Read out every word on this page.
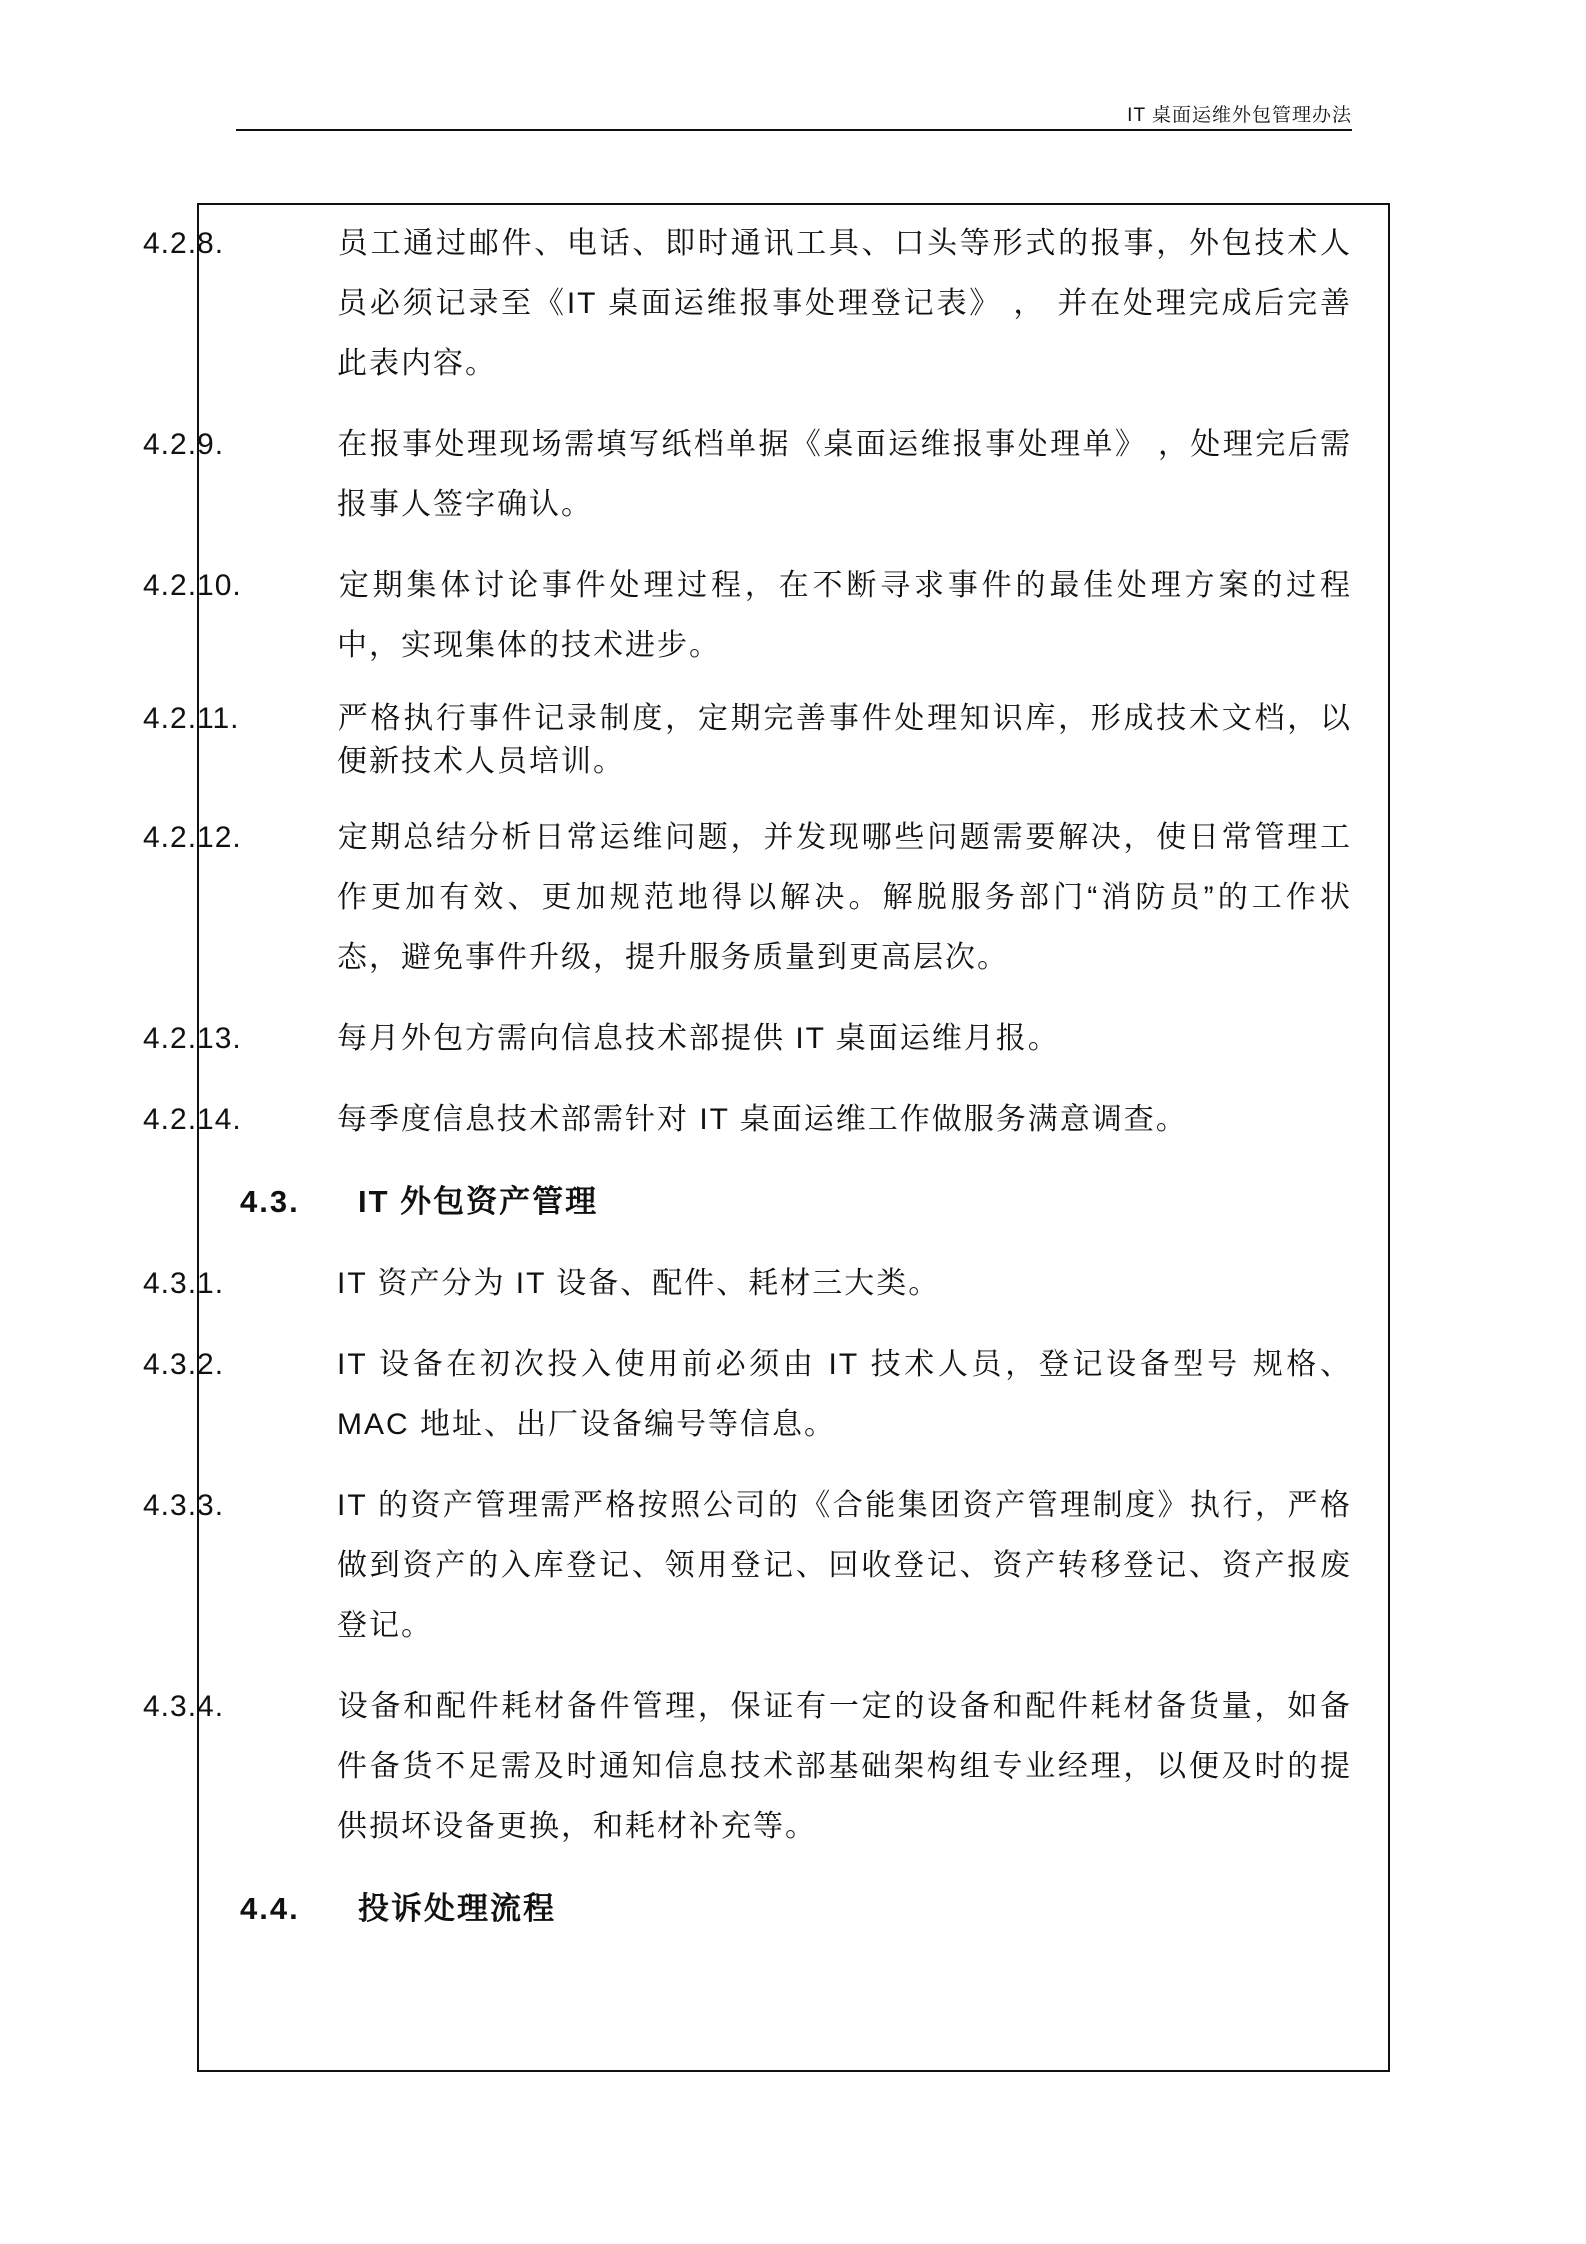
IT 桌面运维外包管理办法

4.2.8.	员工通过邮件、电话、即时通讯工具、口头等形式的报事，外包技术人员必须记录至《IT 桌面运维报事处理登记表》 ， 并在处理完成后完善此表内容。

4.2.9.	在报事处理现场需填写纸档单据《桌面运维报事处理单》 ，处理完后需报事人签字确认。

4.2.10.	定期集体讨论事件处理过程，在不断寻求事件的最佳处理方案的过程中，实现集体的技术进步。

4.2.11.	严格执行事件记录制度，定期完善事件处理知识库，形成技术文档，以便新技术人员培训。

4.2.12.	定期总结分析日常运维问题，并发现哪些问题需要解决，使日常管理工作更加有效、更加规范地得以解决。解脱服务部门“消防员”的工作状态，避免事件升级，提升服务质量到更高层次。

4.2.13.	每月外包方需向信息技术部提供 IT 桌面运维月报。

4.2.14.	每季度信息技术部需针对 IT 桌面运维工作做服务满意调查。

4.3. IT 外包资产管理

4.3.1.	IT 资产分为 IT 设备、配件、耗材三大类。

4.3.2.	IT 设备在初次投入使用前必须由 IT 技术人员，登记设备型号 规格、MAC 地址、出厂设备编号等信息。

4.3.3.	IT 的资产管理需严格按照公司的《合能集团资产管理制度》执行，严格做到资产的入库登记、领用登记、回收登记、资产转移登记、资产报废登记。

4.3.4.	设备和配件耗材备件管理，保证有一定的设备和配件耗材备货量，如备件备货不足需及时通知信息技术部基础架构组专业经理，以便及时的提供损坏设备更换，和耗材补充等。

4.4. 投诉处理流程
